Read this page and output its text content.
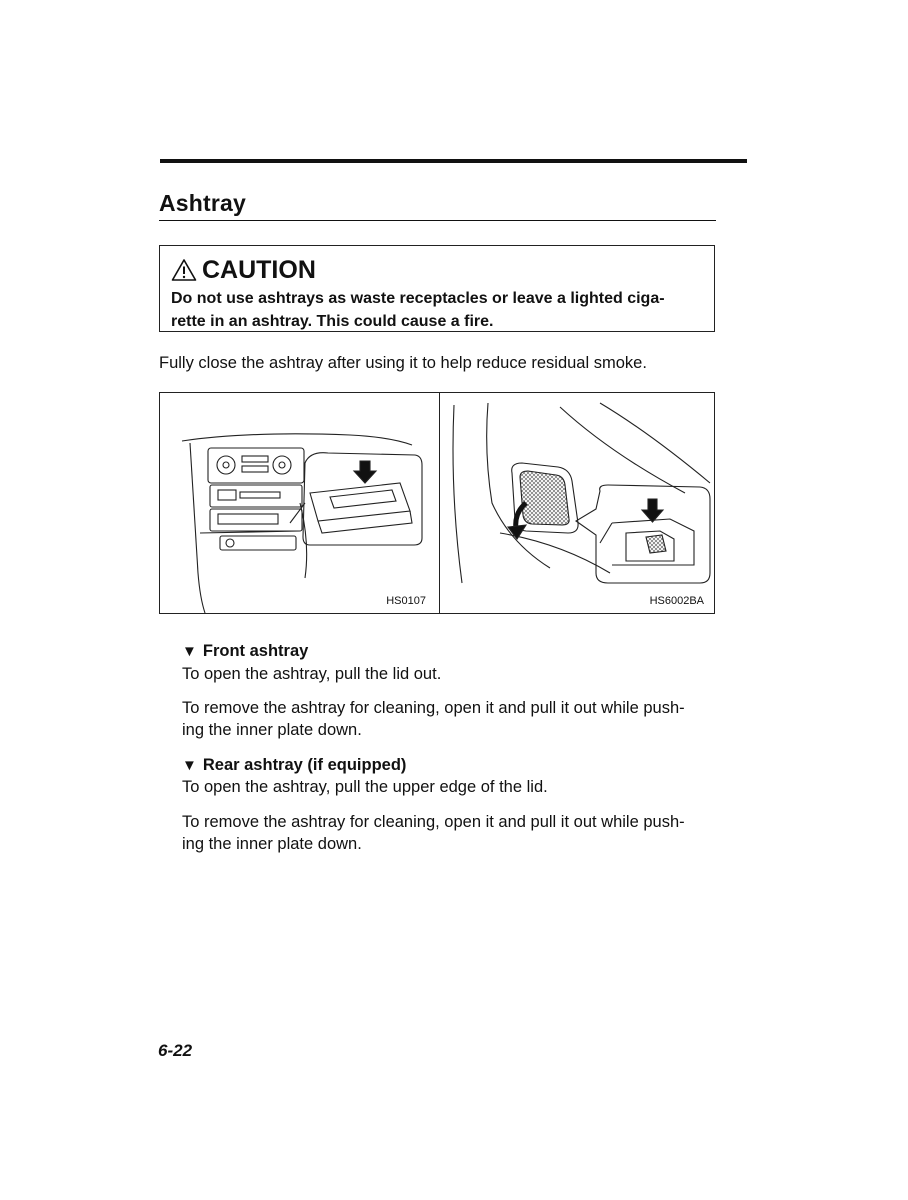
Ashtray
CAUTION
Do not use ashtrays as waste receptacles or leave a lighted ciga-
rette in an ashtray. This could cause a fire.

Fully close the ashtray after using it to help reduce residual smoke.

HS0107	HS6002BA
▼ Front ashtray
To open the ashtray, pull the lid out.
To remove the ashtray for cleaning, open it and pull it out while push-
ing the inner plate down.
▼ Rear ashtray (if equipped)
To open the ashtray, pull the upper edge of the lid.
To remove the ashtray for cleaning, open it and pull it out while push-
ing the inner plate down.
6-22
